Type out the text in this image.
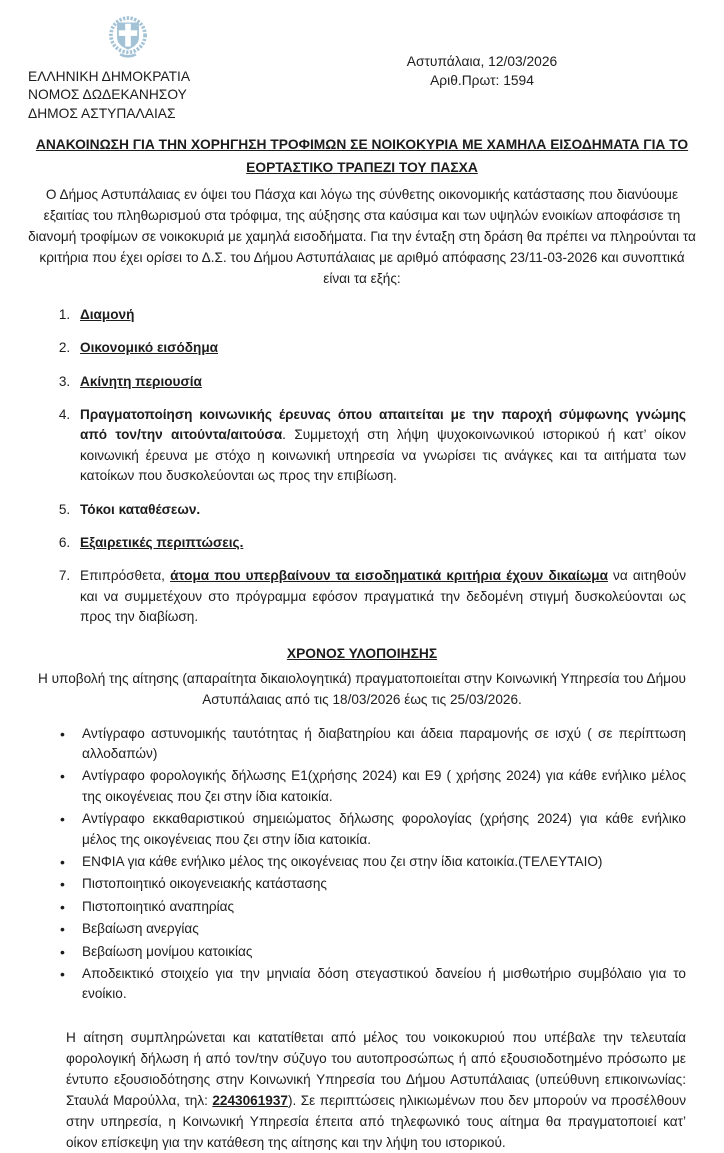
ΕΛΛΗΝΙΚΗ ΔΗΜΟΚΡΑΤΙΑ
ΝΟΜΟΣ ΔΩΔΕΚΑΝΗΣΟΥ
ΔΗΜΟΣ ΑΣΤΥΠΑΛΑΙΑΣ
Αστυπάλαια, 12/03/2026
Αριθ.Πρωτ: 1594
ΑΝΑΚΟΙΝΩΣΗ ΓΙΑ ΤΗΝ ΧΟΡΗΓΗΣΗ ΤΡΟΦΙΜΩΝ ΣΕ ΝΟΙΚΟΚΥΡΙΑ ΜΕ ΧΑΜΗΛΑ ΕΙΣΟΔΗΜΑΤΑ ΓΙΑ ΤΟ ΕΟΡΤΑΣΤΙΚΟ ΤΡΑΠΕΖΙ ΤΟΥ ΠΑΣΧΑ

Ο Δήμος Αστυπάλαιας εν όψει του Πάσχα και λόγω της σύνθετης οικονομικής κατάστασης που διανύουμε εξαιτίας του πληθωρισμού στα τρόφιμα, της αύξησης στα καύσιμα και των υψηλών ενοικίων αποφάσισε τη διανομή τροφίμων σε νοικοκυριά με χαμηλά εισοδήματα. Για την ένταξη στη δράση θα πρέπει να πληρούνται τα κριτήρια που έχει ορίσει το Δ.Σ. του Δήμου Αστυπάλαιας με αριθμό απόφασης 23/11-03-2026 και συνοπτικά είναι τα εξής:

1. Διαμονή
2. Οικονομικό εισόδημα
3. Ακίνητη περιουσία
4. Πραγματοποίηση κοινωνικής έρευνας όπου απαιτείται με την παροχή σύμφωνης γνώμης από τον/την αιτούντα/αιτούσα. Συμμετοχή στη λήψη ψυχοκοινωνικού ιστορικού ή κατ’ οίκον κοινωνική έρευνα με στόχο η κοινωνική υπηρεσία να γνωρίσει τις ανάγκες και τα αιτήματα των κατοίκων που δυσκολεύονται ως προς την επιβίωση.
5. Τόκοι καταθέσεων.
6. Εξαιρετικές περιπτώσεις.
7. Επιπρόσθετα, άτομα που υπερβαίνουν τα εισοδηματικά κριτήρια έχουν δικαίωμα να αιτηθούν και να συμμετέχουν στο πρόγραμμα εφόσον πραγματικά την δεδομένη στιγμή δυσκολεύονται ως προς την διαβίωση.
ΧΡΟΝΟΣ ΥΛΟΠΟΙΗΣΗΣ

Η υποβολή της αίτησης (απαραίτητα δικαιολογητικά) πραγματοποιείται στην Κοινωνική Υπηρεσία του Δήμου Αστυπάλαιας από τις 18/03/2026 έως τις 25/03/2026.

• Αντίγραφο αστυνομικής ταυτότητας ή διαβατηρίου και άδεια παραμονής σε ισχύ ( σε περίπτωση αλλοδαπών)
• Αντίγραφο φορολογικής δήλωσης Ε1(χρήσης 2024) και Ε9 ( χρήσης 2024) για κάθε ενήλικο μέλος της οικογένειας που ζει στην ίδια κατοικία.
• Αντίγραφο εκκαθαριστικού σημειώματος δήλωσης φορολογίας (χρήσης 2024) για κάθε ενήλικο μέλος της οικογένειας που ζει στην ίδια κατοικία.
• ΕΝΦΙΑ για κάθε ενήλικο μέλος της οικογένειας που ζει στην ίδια κατοικία.(ΤΕΛΕΥΤΑΙΟ)
• Πιστοποιητικό οικογενειακής κατάστασης
• Πιστοποιητικό αναπηρίας
• Βεβαίωση ανεργίας
• Βεβαίωση μονίμου κατοικίας
• Αποδεικτικό στοιχείο για την μηνιαία δόση στεγαστικού δανείου ή μισθωτήριο συμβόλαιο για το ενοίκιο.

Η αίτηση συμπληρώνεται και κατατίθεται από μέλος του νοικοκυριού που υπέβαλε την τελευταία φορολογική δήλωση ή από τον/την σύζυγο του αυτοπροσώπως ή από εξουσιοδοτημένο πρόσωπο με έντυπο εξουσιοδότησης στην Κοινωνική Υπηρεσία του Δήμου Αστυπάλαιας (υπεύθυνη επικοινωνίας: Σταυλά Μαρούλλα, τηλ: 2243061937). Σε περιπτώσεις ηλικιωμένων που δεν μπορούν να προσέλθουν στην υπηρεσία, η Κοινωνική Υπηρεσία έπειτα από τηλεφωνικό τους αίτημα θα πραγματοποιεί κατ’ οίκον επίσκεψη για την κατάθεση της αίτησης και την λήψη του ιστορικού.
